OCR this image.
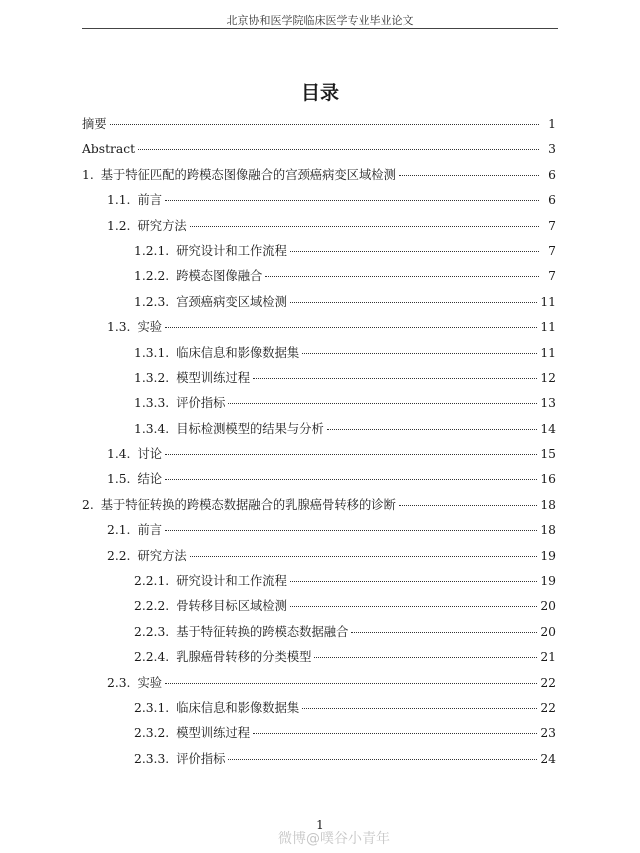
北京协和医学院临床医学专业毕业论文
目录
摘要	1
Abstract	3
1. 基于特征匹配的跨模态图像融合的宫颈癌病变区域检测	6
1.1. 前言	6
1.2. 研究方法	7
1.2.1. 研究设计和工作流程	7
1.2.2. 跨模态图像融合	7
1.2.3. 宫颈癌病变区域检测	11
1.3. 实验	11
1.3.1. 临床信息和影像数据集	11
1.3.2. 模型训练过程	12
1.3.3. 评价指标	13
1.3.4. 目标检测模型的结果与分析	14
1.4. 讨论	15
1.5. 结论	16
2. 基于特征转换的跨模态数据融合的乳腺癌骨转移的诊断	18
2.1. 前言	18
2.2. 研究方法	19
2.2.1. 研究设计和工作流程	19
2.2.2. 骨转移目标区域检测	20
2.2.3. 基于特征转换的跨模态数据融合	20
2.2.4. 乳腺癌骨转移的分类模型	21
2.3. 实验	22
2.3.1. 临床信息和影像数据集	22
2.3.2. 模型训练过程	23
2.3.3. 评价指标	24
1
微博@噗谷小青年
